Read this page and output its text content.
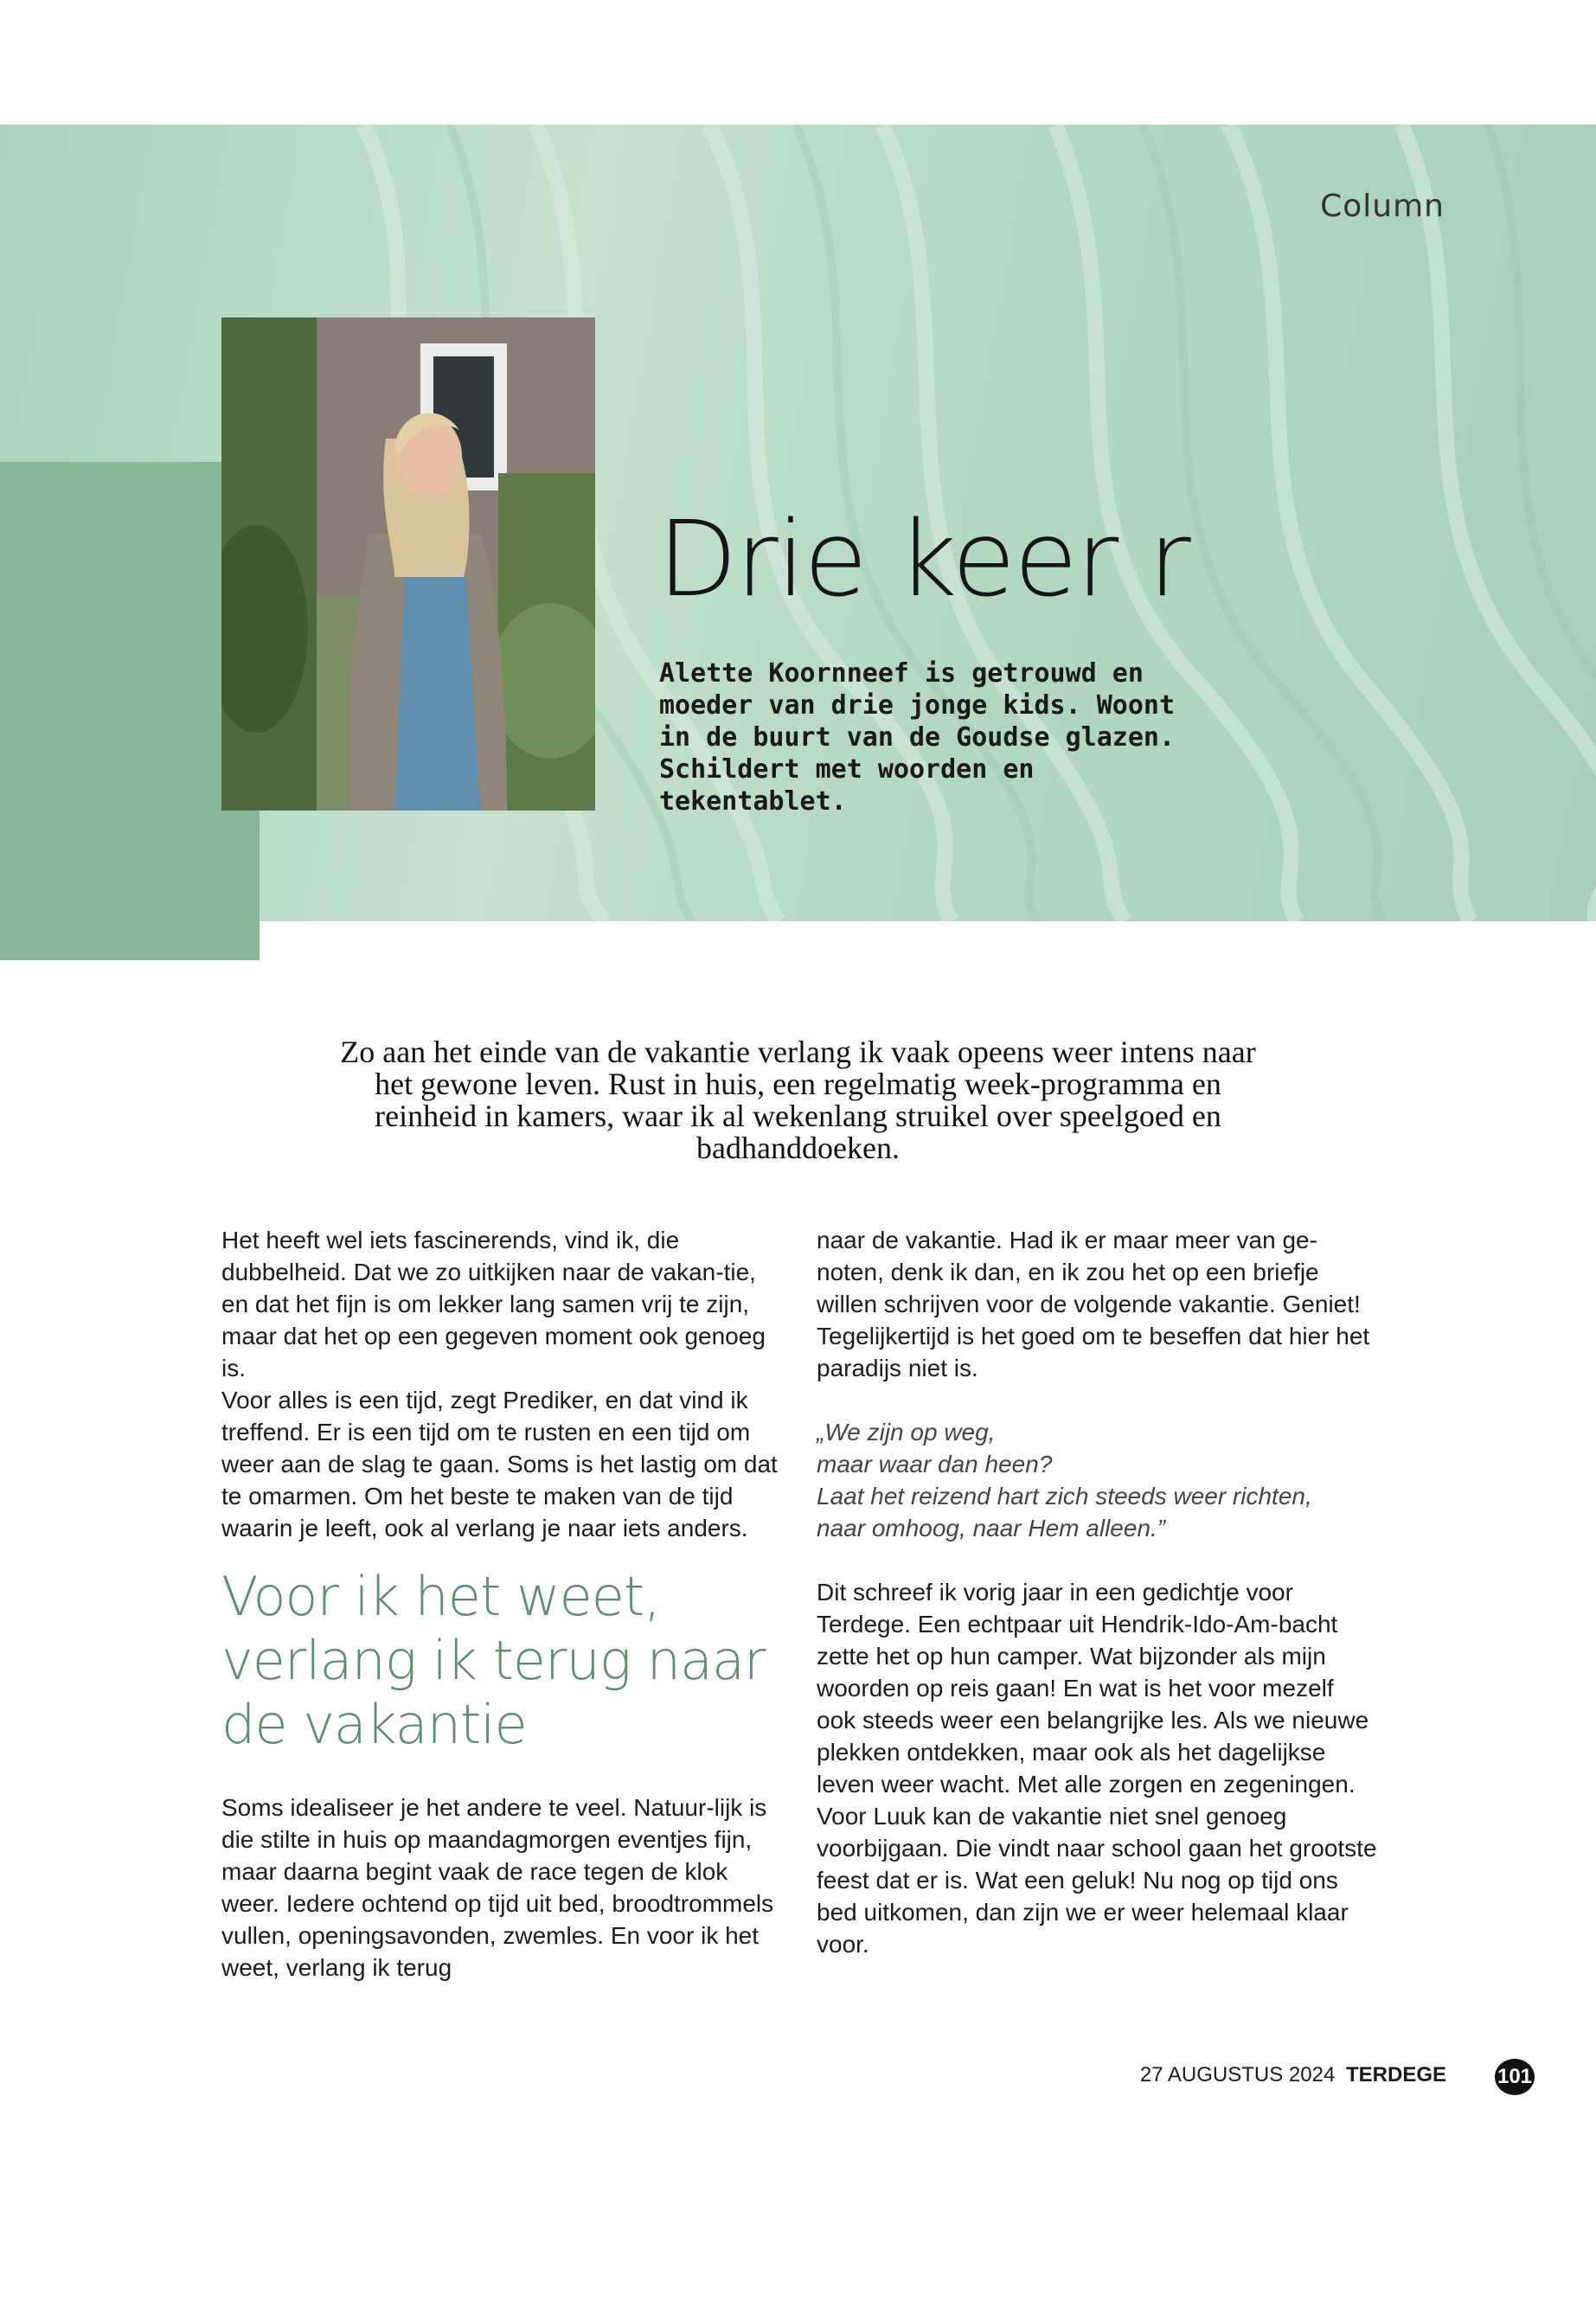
Column
Drie keer r

Alette Koornneef is getrouwd en moeder van drie jonge kids. Woont in de buurt van de Goudse glazen. Schildert met woorden en tekentablet.

Zo aan het einde van de vakantie verlang ik vaak opeens weer intens naar het gewone leven. Rust in huis, een regelmatig week-programma en reinheid in kamers, waar ik al wekenlang struikel over speelgoed en badhanddoeken.

Het heeft wel iets fascinerends, vind ik, die dubbelheid. Dat we zo uitkijken naar de vakan-tie, en dat het fijn is om lekker lang samen vrij te zijn, maar dat het op een gegeven moment ook genoeg is.

Voor alles is een tijd, zegt Prediker, en dat vind ik treffend. Er is een tijd om te rusten en een tijd om weer aan de slag te gaan. Soms is het lastig om dat te omarmen. Om het beste te maken van de tijd waarin je leeft, ook al verlang je naar iets anders.

Voor ik het weet, verlang ik terug naar de vakantie

Soms idealiseer je het andere te veel. Natuur-lijk is die stilte in huis op maandagmorgen eventjes fijn, maar daarna begint vaak de race tegen de klok weer. Iedere ochtend op tijd uit bed, broodtrommels vullen, openingsavonden, zwemles. En voor ik het weet, verlang ik terug

naar de vakantie. Had ik er maar meer van ge-noten, denk ik dan, en ik zou het op een briefje willen schrijven voor de volgende vakantie. Geniet!

Tegelijkertijd is het goed om te beseffen dat hier het paradijs niet is.

„We zijn op weg,
maar waar dan heen?
Laat het reizend hart zich steeds weer richten,
naar omhoog, naar Hem alleen.”

Dit schreef ik vorig jaar in een gedichtje voor Terdege. Een echtpaar uit Hendrik-Ido-Am-bacht zette het op hun camper. Wat bijzonder als mijn woorden op reis gaan! En wat is het voor mezelf ook steeds weer een belangrijke les. Als we nieuwe plekken ontdekken, maar ook als het dagelijkse leven weer wacht. Met alle zorgen en zegeningen.

Voor Luuk kan de vakantie niet snel genoeg voorbijgaan. Die vindt naar school gaan het grootste feest dat er is. Wat een geluk! Nu nog op tijd ons bed uitkomen, dan zijn we er weer helemaal klaar voor.

27 AUGUSTUS 2024 TERDEGE 101
